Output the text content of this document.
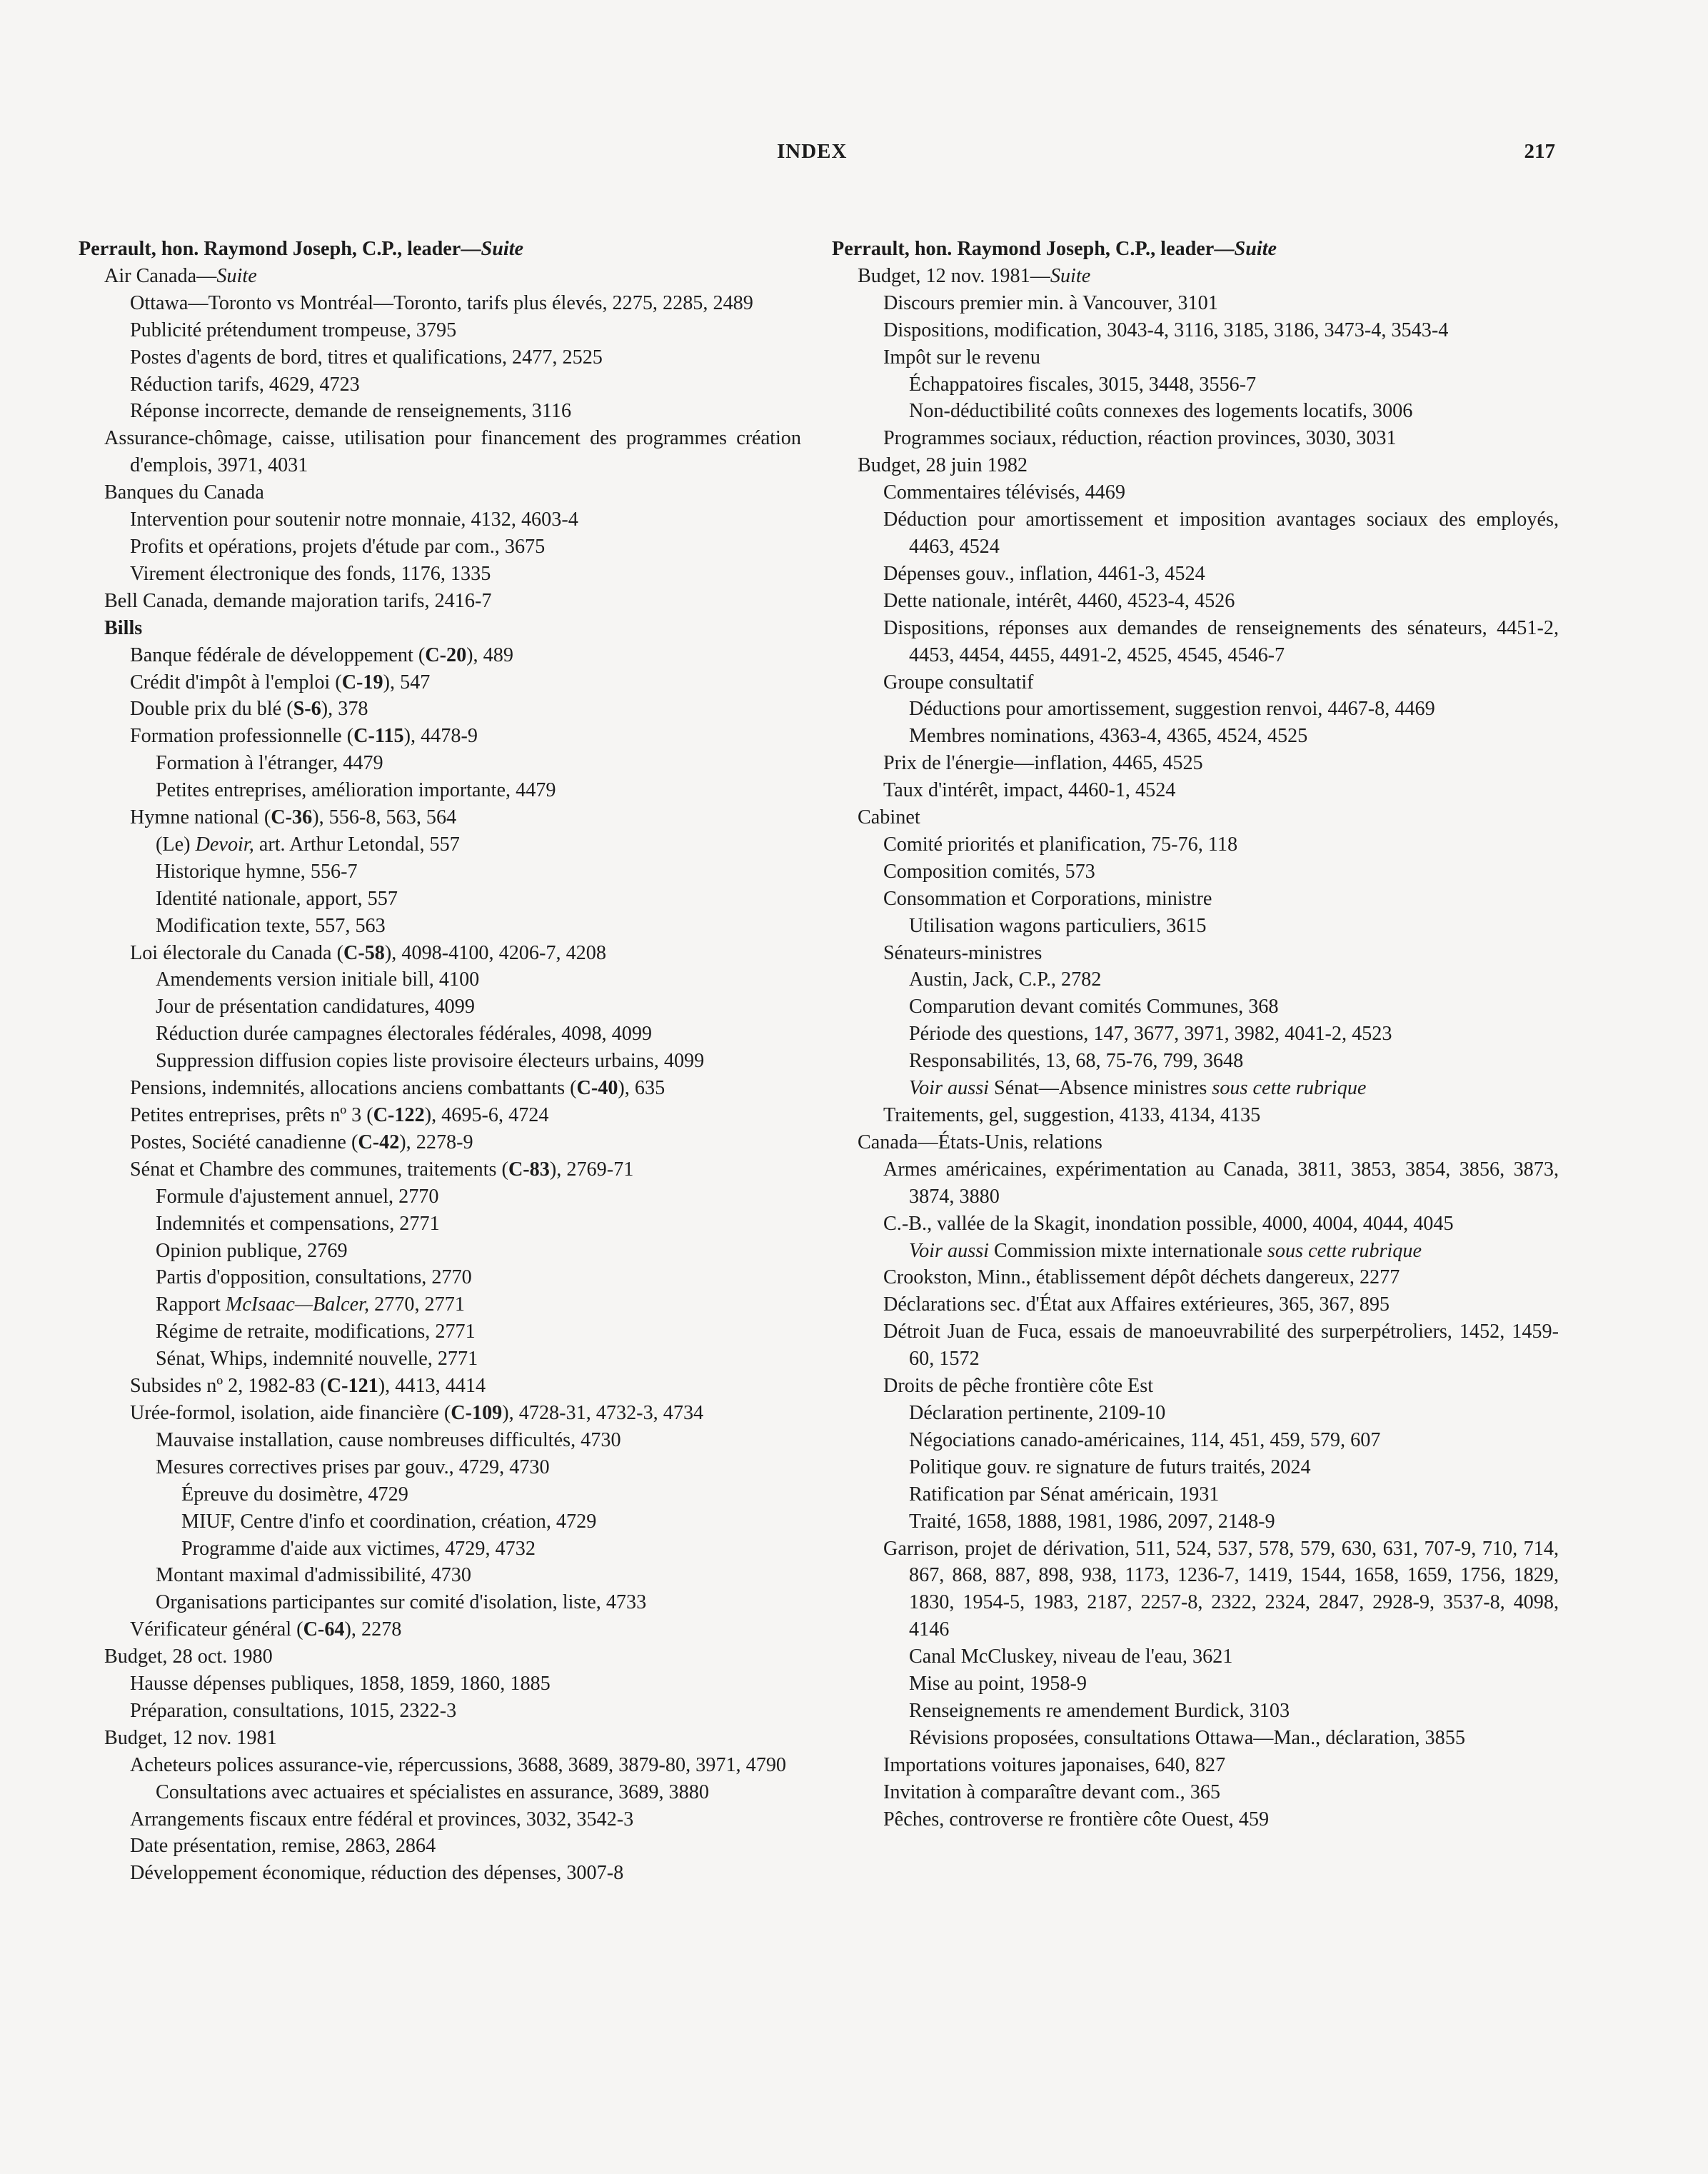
INDEX	217
Perrault, hon. Raymond Joseph, C.P., leader—Suite
Air Canada—Suite
Ottawa—Toronto vs Montréal—Toronto, tarifs plus élevés, 2275, 2285, 2489
Publicité prétendument trompeuse, 3795
Postes d'agents de bord, titres et qualifications, 2477, 2525
Réduction tarifs, 4629, 4723
Réponse incorrecte, demande de renseignements, 3116
Assurance-chômage, caisse, utilisation pour financement des programmes création d'emplois, 3971, 4031
Banques du Canada
Intervention pour soutenir notre monnaie, 4132, 4603-4
Profits et opérations, projets d'étude par com., 3675
Virement électronique des fonds, 1176, 1335
Bell Canada, demande majoration tarifs, 2416-7
Bills
Banque fédérale de développement (C-20), 489
Crédit d'impôt à l'emploi (C-19), 547
Double prix du blé (S-6), 378
Formation professionnelle (C-115), 4478-9
Formation à l'étranger, 4479
Petites entreprises, amélioration importante, 4479
Hymne national (C-36), 556-8, 563, 564
(Le) Devoir, art. Arthur Letondal, 557
Historique hymne, 556-7
Identité nationale, apport, 557
Modification texte, 557, 563
Loi électorale du Canada (C-58), 4098-4100, 4206-7, 4208
Amendements version initiale bill, 4100
Jour de présentation candidatures, 4099
Réduction durée campagnes électorales fédérales, 4098, 4099
Suppression diffusion copies liste provisoire électeurs urbains, 4099
Pensions, indemnités, allocations anciens combattants (C-40), 635
Petites entreprises, prêts nº 3 (C-122), 4695-6, 4724
Postes, Société canadienne (C-42), 2278-9
Sénat et Chambre des communes, traitements (C-83), 2769-71
Formule d'ajustement annuel, 2770
Indemnités et compensations, 2771
Opinion publique, 2769
Partis d'opposition, consultations, 2770
Rapport McIsaac—Balcer, 2770, 2771
Régime de retraite, modifications, 2771
Sénat, Whips, indemnité nouvelle, 2771
Subsides nº 2, 1982-83 (C-121), 4413, 4414
Urée-formol, isolation, aide financière (C-109), 4728-31, 4732-3, 4734
Mauvaise installation, cause nombreuses difficultés, 4730
Mesures correctives prises par gouv., 4729, 4730
Épreuve du dosimètre, 4729
MIUF, Centre d'info et coordination, création, 4729
Programme d'aide aux victimes, 4729, 4732
Montant maximal d'admissibilité, 4730
Organisations participantes sur comité d'isolation, liste, 4733
Vérificateur général (C-64), 2278
Budget, 28 oct. 1980
Hausse dépenses publiques, 1858, 1859, 1860, 1885
Préparation, consultations, 1015, 2322-3
Budget, 12 nov. 1981
Acheteurs polices assurance-vie, répercussions, 3688, 3689, 3879-80, 3971, 4790
Consultations avec actuaires et spécialistes en assurance, 3689, 3880
Arrangements fiscaux entre fédéral et provinces, 3032, 3542-3
Date présentation, remise, 2863, 2864
Développement économique, réduction des dépenses, 3007-8
Perrault, hon. Raymond Joseph, C.P., leader—Suite
Budget, 12 nov. 1981—Suite
Discours premier min. à Vancouver, 3101
Dispositions, modification, 3043-4, 3116, 3185, 3186, 3473-4, 3543-4
Impôt sur le revenu
Échappatoires fiscales, 3015, 3448, 3556-7
Non-déductibilité coûts connexes des logements locatifs, 3006
Programmes sociaux, réduction, réaction provinces, 3030, 3031
Budget, 28 juin 1982
Commentaires télévisés, 4469
Déduction pour amortissement et imposition avantages sociaux des employés, 4463, 4524
Dépenses gouv., inflation, 4461-3, 4524
Dette nationale, intérêt, 4460, 4523-4, 4526
Dispositions, réponses aux demandes de renseignements des sénateurs, 4451-2, 4453, 4454, 4455, 4491-2, 4525, 4545, 4546-7
Groupe consultatif
Déductions pour amortissement, suggestion renvoi, 4467-8, 4469
Membres nominations, 4363-4, 4365, 4524, 4525
Prix de l'énergie—inflation, 4465, 4525
Taux d'intérêt, impact, 4460-1, 4524
Cabinet
Comité priorités et planification, 75-76, 118
Composition comités, 573
Consommation et Corporations, ministre
Utilisation wagons particuliers, 3615
Sénateurs-ministres
Austin, Jack, C.P., 2782
Comparution devant comités Communes, 368
Période des questions, 147, 3677, 3971, 3982, 4041-2, 4523
Responsabilités, 13, 68, 75-76, 799, 3648
Voir aussi Sénat—Absence ministres sous cette rubrique
Traitements, gel, suggestion, 4133, 4134, 4135
Canada—États-Unis, relations
Armes américaines, expérimentation au Canada, 3811, 3853, 3854, 3856, 3873, 3874, 3880
C.-B., vallée de la Skagit, inondation possible, 4000, 4004, 4044, 4045
Voir aussi Commission mixte internationale sous cette rubrique
Crookston, Minn., établissement dépôt déchets dangereux, 2277
Déclarations sec. d'État aux Affaires extérieures, 365, 367, 895
Détroit Juan de Fuca, essais de manoeuvrabilité des surperpétroliers, 1452, 1459-60, 1572
Droits de pêche frontière côte Est
Déclaration pertinente, 2109-10
Négociations canado-américaines, 114, 451, 459, 579, 607
Politique gouv. re signature de futurs traités, 2024
Ratification par Sénat américain, 1931
Traité, 1658, 1888, 1981, 1986, 2097, 2148-9
Garrison, projet de dérivation, 511, 524, 537, 578, 579, 630, 631, 707-9, 710, 714, 867, 868, 887, 898, 938, 1173, 1236-7, 1419, 1544, 1658, 1659, 1756, 1829, 1830, 1954-5, 1983, 2187, 2257-8, 2322, 2324, 2847, 2928-9, 3537-8, 4098, 4146
Canal McCluskey, niveau de l'eau, 3621
Mise au point, 1958-9
Renseignements re amendement Burdick, 3103
Révisions proposées, consultations Ottawa—Man., déclaration, 3855
Importations voitures japonaises, 640, 827
Invitation à comparaître devant com., 365
Pêches, controverse re frontière côte Ouest, 459
